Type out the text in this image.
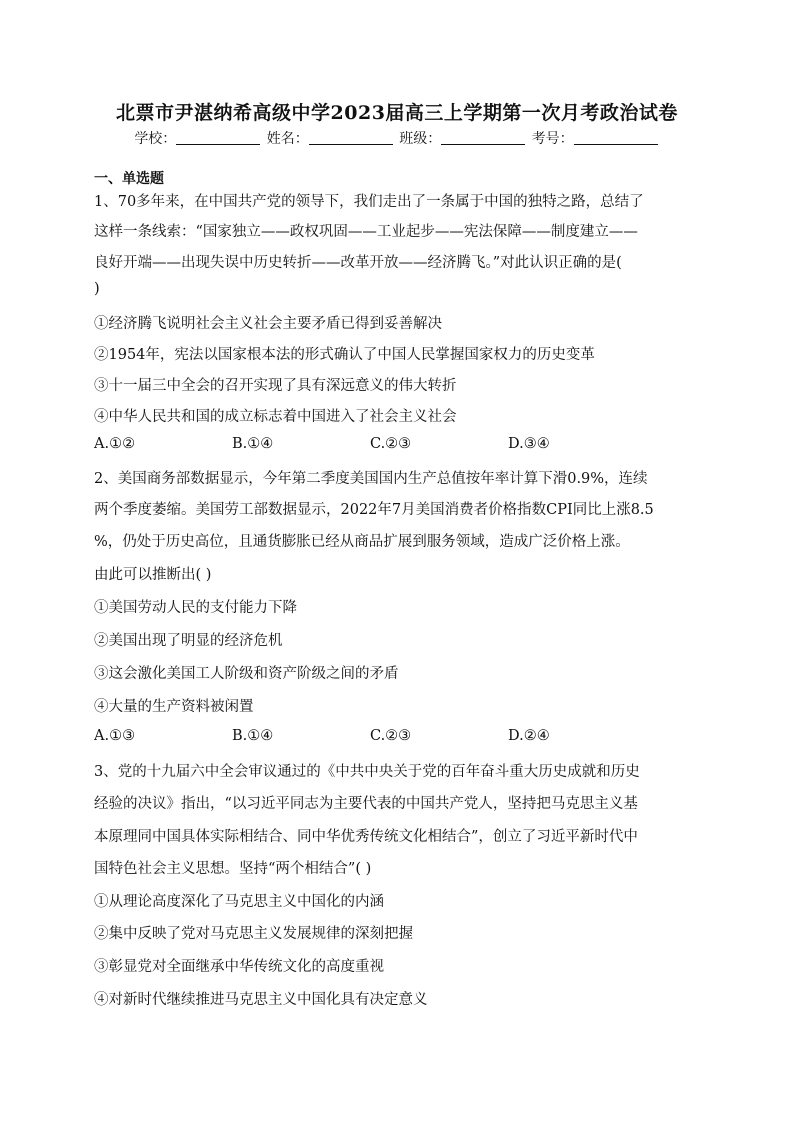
北票市尹湛纳希高级中学2023届高三上学期第一次月考政治试卷
学校：	姓名：	班级：	考号：
一、单选题
1、70多年来，在中国共产党的领导下，我们走出了一条属于中国的独特之路，总结了
这样一条线索：“国家独立——政权巩固——工业起步——宪法保障——制度建立——
良好开端——出现失误中历史转折——改革开放——经济腾飞。”对此认识正确的是(
)
①经济腾飞说明社会主义社会主要矛盾已得到妥善解决
②1954年，宪法以国家根本法的形式确认了中国人民掌握国家权力的历史变革
③十一届三中全会的召开实现了具有深远意义的伟大转折
④中华人民共和国的成立标志着中国进入了社会主义社会
A.①②	B.①④	C.②③	D.③④
2、美国商务部数据显示，今年第二季度美国国内生产总值按年率计算下滑0.9%，连续
两个季度萎缩。美国劳工部数据显示，2022年7月美国消费者价格指数CPI同比上涨8.5
%，仍处于历史高位，且通货膨胀已经从商品扩展到服务领域，造成广泛价格上涨。
由此可以推断出( )
①美国劳动人民的支付能力下降
②美国出现了明显的经济危机
③这会激化美国工人阶级和资产阶级之间的矛盾
④大量的生产资料被闲置
A.①③	B.①④	C.②③	D.②④
3、党的十九届六中全会审议通过的《中共中央关于党的百年奋斗重大历史成就和历史
经验的决议》指出，“以习近平同志为主要代表的中国共产党人，坚持把马克思主义基
本原理同中国具体实际相结合、同中华优秀传统文化相结合”，创立了习近平新时代中
国特色社会主义思想。坚持“两个相结合”( )
①从理论高度深化了马克思主义中国化的内涵
②集中反映了党对马克思主义发展规律的深刻把握
③彰显党对全面继承中华传统文化的高度重视
④对新时代继续推进马克思主义中国化具有决定意义
